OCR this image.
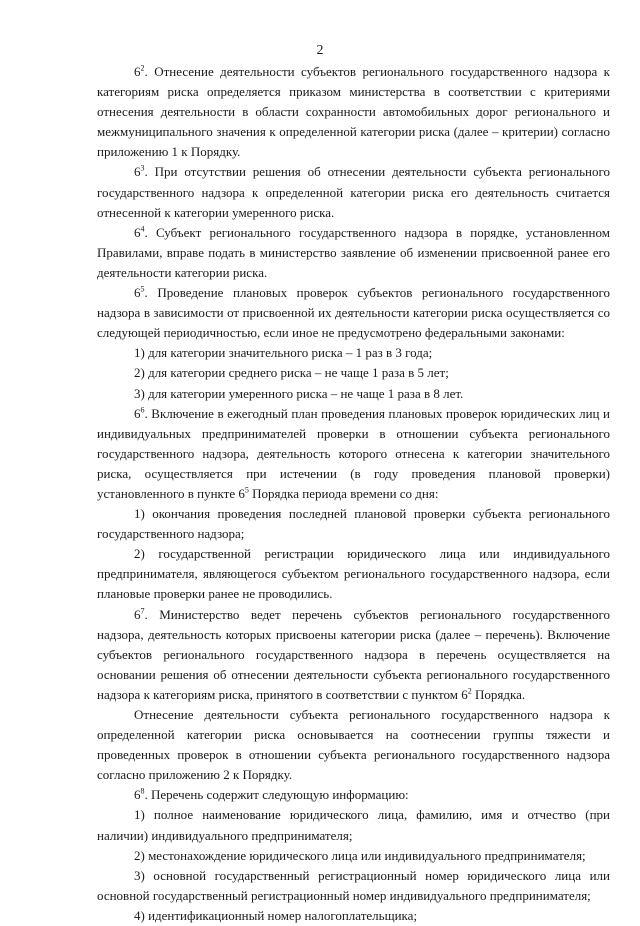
2

$6^2$. Отнесение деятельности субъектов регионального государственного надзора к категориям риска определяется приказом министерства в соответствии с критериями отнесения деятельности в области сохранности автомобильных дорог регионального и межмуниципального значения к определенной категории риска (далее – критерии) согласно приложению 1 к Порядку.

$6^3$. При отсутствии решения об отнесении деятельности субъекта регионального государственного надзора к определенной категории риска его деятельность считается отнесенной к категории умеренного риска.

$6^4$. Субъект регионального государственного надзора в порядке, установленном Правилами, вправе подать в министерство заявление об изменении присвоенной ранее его деятельности категории риска.

$6^5$. Проведение плановых проверок субъектов регионального государственного надзора в зависимости от присвоенной их деятельности категории риска осуществляется со следующей периодичностью, если иное не предусмотрено федеральными законами:

1) для категории значительного риска – 1 раз в 3 года;

2) для категории среднего риска – не чаще 1 раза в 5 лет;

3) для категории умеренного риска – не чаще 1 раза в 8 лет.

$6^6$. Включение в ежегодный план проведения плановых проверок юридических лиц и индивидуальных предпринимателей проверки в отношении субъекта регионального государственного надзора, деятельность которого отнесена к категории значительного риска, осуществляется при истечении (в году проведения плановой проверки) установленного в пункте $6^5$ Порядка периода времени со дня:

1) окончания проведения последней плановой проверки субъекта регионального государственного надзора;

2) государственной регистрации юридического лица или индивидуального предпринимателя, являющегося субъектом регионального государственного надзора, если плановые проверки ранее не проводились.

$6^7$. Министерство ведет перечень субъектов регионального государственного надзора, деятельность которых присвоены категории риска (далее – перечень). Включение субъектов регионального государственного надзора в перечень осуществляется на основании решения об отнесении деятельности субъекта регионального государственного надзора к категориям риска, принятого в соответствии с пунктом $6^2$ Порядка.

Отнесение деятельности субъекта регионального государственного надзора к определенной категории риска основывается на соотнесении группы тяжести и проведенных проверок в отношении субъекта регионального государственного надзора согласно приложению 2 к Порядку.

$6^8$. Перечень содержит следующую информацию:

1) полное наименование юридического лица, фамилию, имя и отчество (при наличии) индивидуального предпринимателя;

2) местонахождение юридического лица или индивидуального предпринимателя;

3) основной государственный регистрационный номер юридического лица или основной государственный регистрационный номер индивидуального предпринимателя;

4) идентификационный номер налогоплательщика;
